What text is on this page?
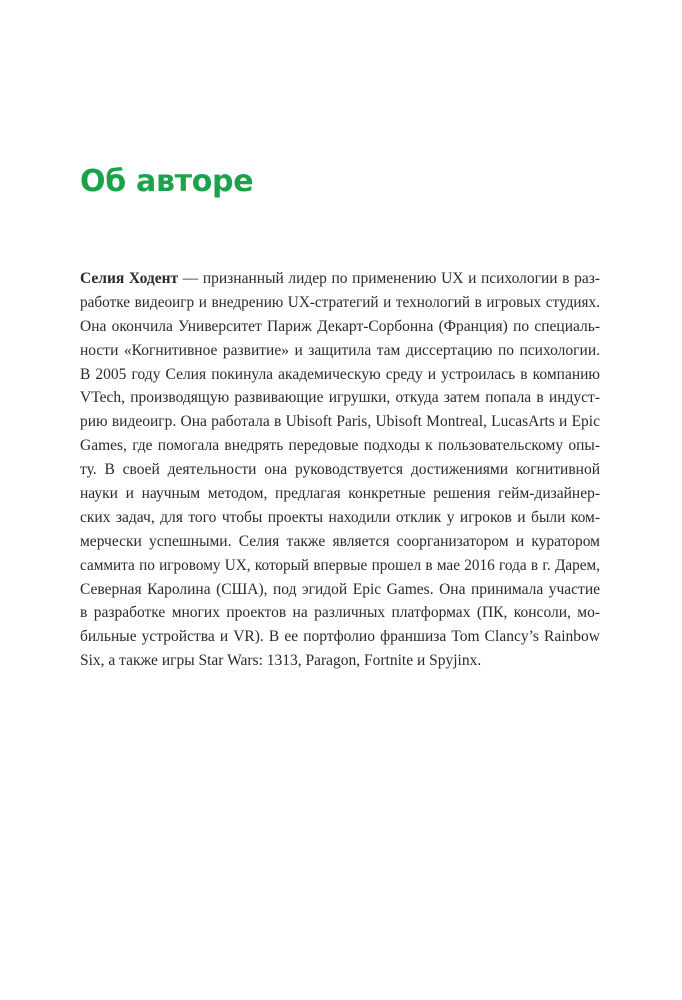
Об авторе
Селия Ходент — признанный лидер по применению UX и психологии в раз-
работке видеоигр и внедрению UX-стратегий и технологий в игровых студиях.
Она окончила Университет Париж Декарт-Сорбонна (Франция) по специаль-
ности «Когнитивное развитие» и защитила там диссертацию по психологии.
В 2005 году Селия покинула академическую среду и устроилась в компанию
VTech, производящую развивающие игрушки, откуда затем попала в индуст-
рию видеоигр. Она работала в Ubisoft Paris, Ubisoft Montreal, LucasArts и Epic
Games, где помогала внедрять передовые подходы к пользовательскому опы-
ту. В своей деятельности она руководствуется достижениями когнитивной
науки и научным методом, предлагая конкретные решения гейм-дизайнер-
ских задач, для того чтобы проекты находили отклик у игроков и были ком-
мерчески успешными. Селия также является соорганизатором и куратором
саммита по игровому UX, который впервые прошел в мае 2016 года в г. Дарем,
Северная Каролина (США), под эгидой Epic Games. Она принимала участие
в разработке многих проектов на различных платформах (ПК, консоли, мо-
бильные устройства и VR). В ее портфолио франшиза Tom Clancy’s Rainbow
Six, а также игры Star Wars: 1313, Paragon, Fortnite и Spyjinx.
